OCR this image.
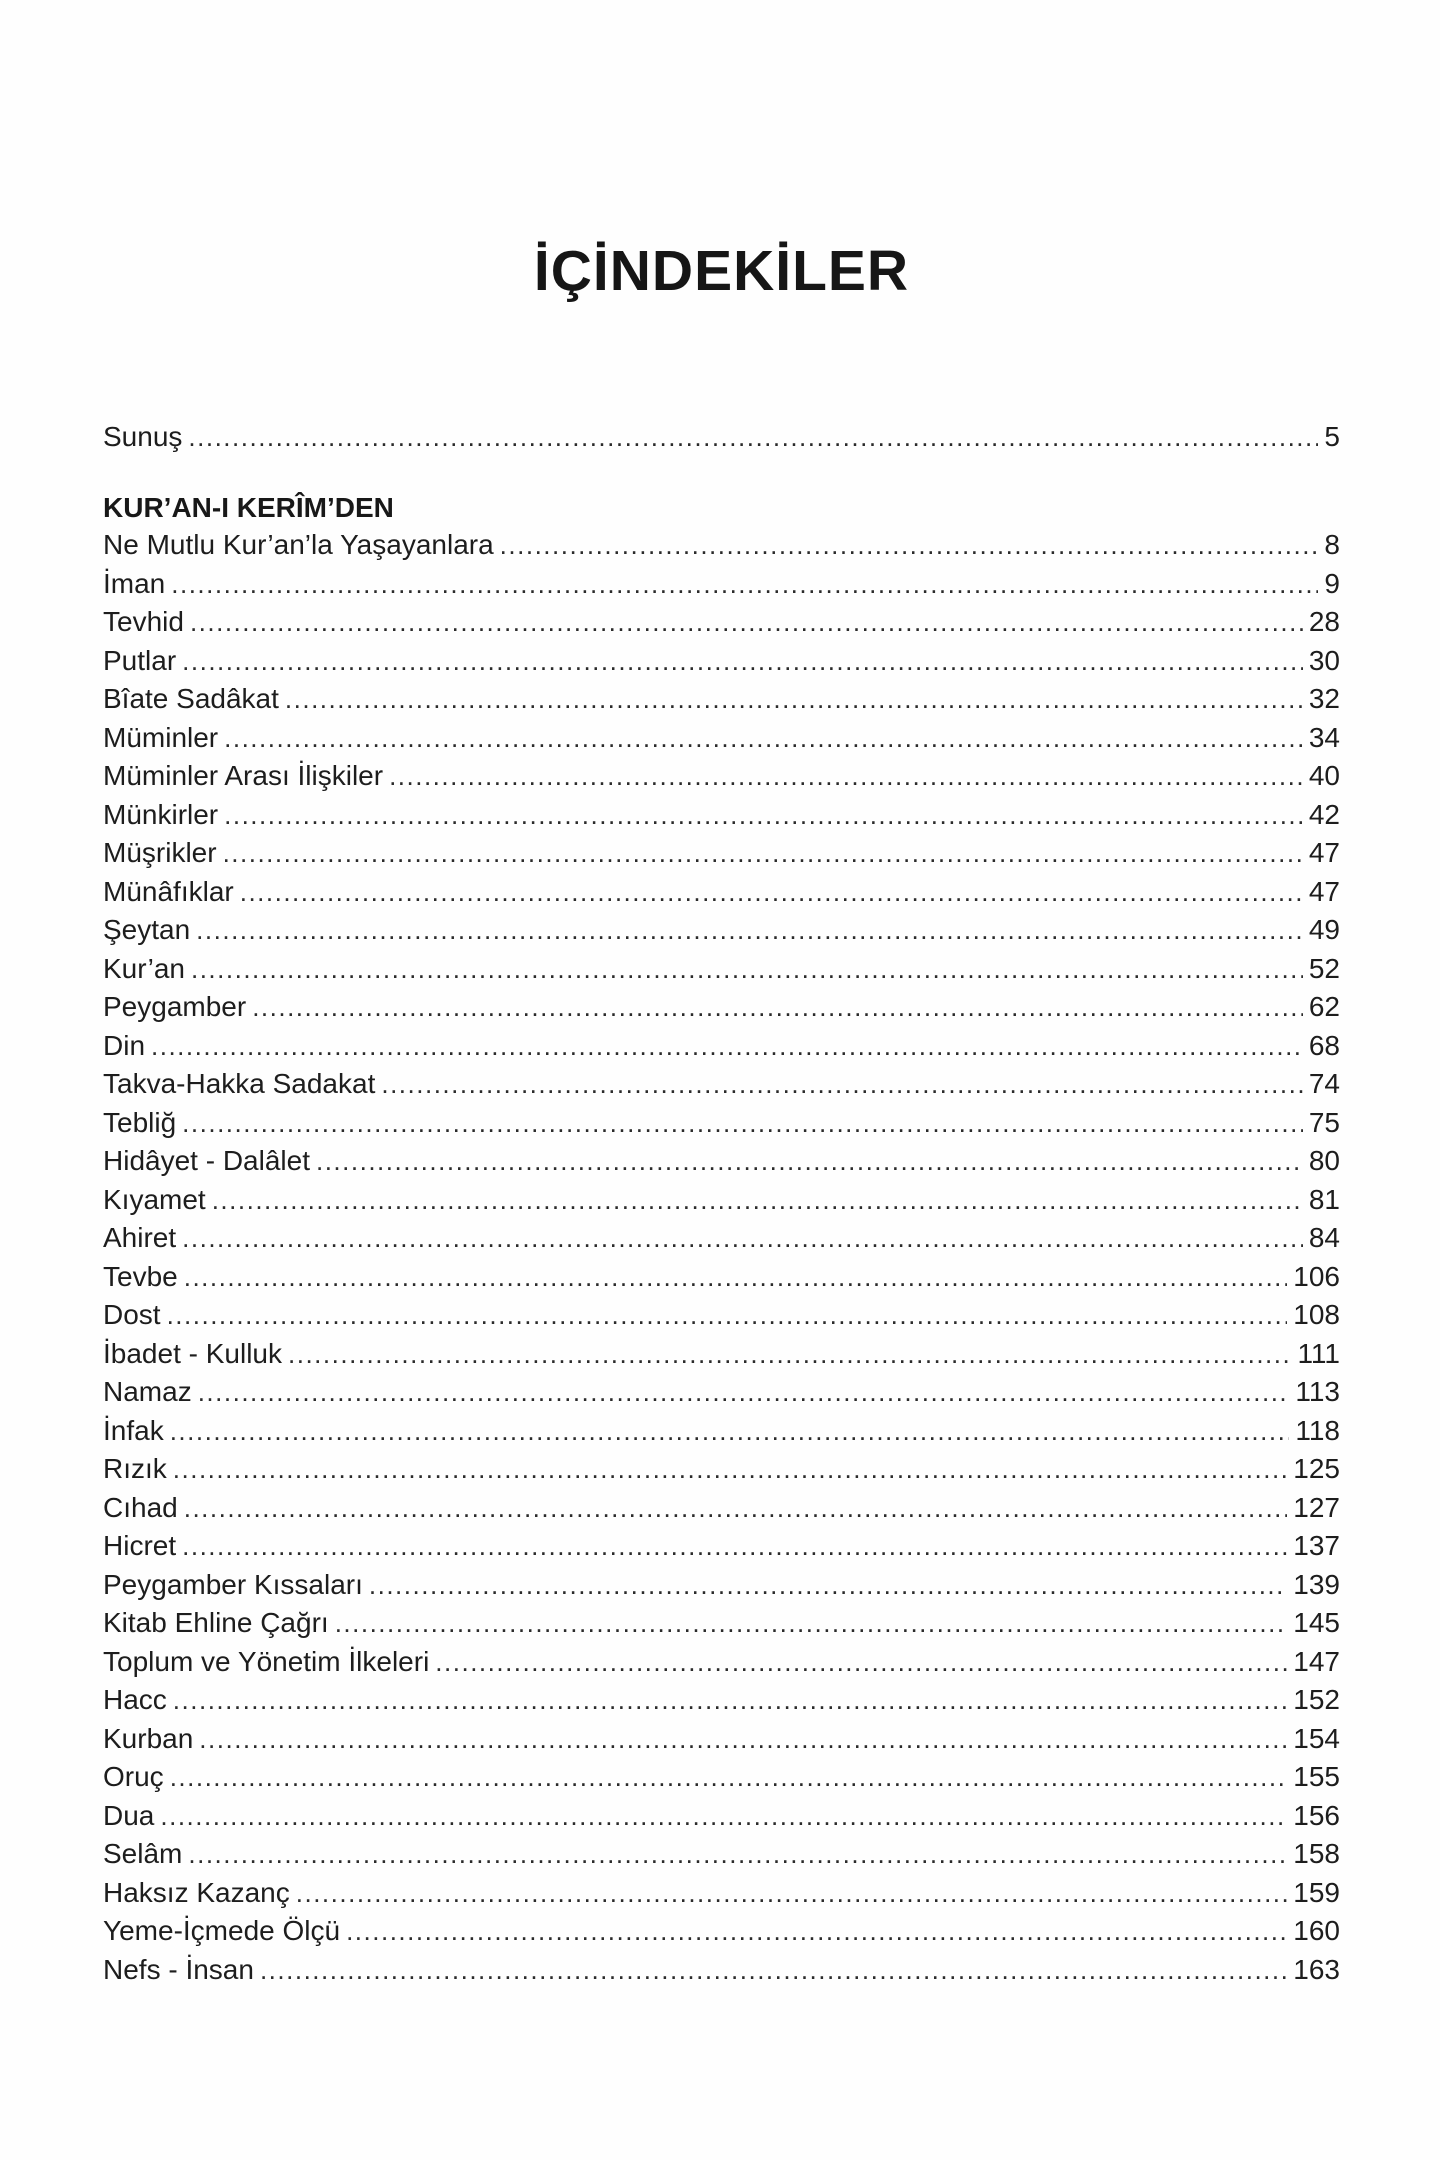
İÇİNDEKİLER
Sunuş .....	5
KUR’AN-I KERÎM’DEN
Ne Mutlu Kur’an’la Yaşayanlara .....	8
İman .....	9
Tevhid .....	28
Putlar .....	30
Bîate Sadâkat .....	32
Müminler .....	34
Müminler Arası İlişkiler .....	40
Münkirler .....	42
Müşrikler .....	47
Münâfıklar .....	47
Şeytan .....	49
Kur’an .....	52
Peygamber .....	62
Din .....	68
Takva-Hakka Sadakat .....	74
Tebliğ .....	75
Hidâyet - Dalâlet .....	80
Kıyamet .....	81
Ahiret .....	84
Tevbe .....	106
Dost .....	108
İbadet - Kulluk .....	111
Namaz .....	113
İnfak .....	118
Rızık .....	125
Cıhad .....	127
Hicret .....	137
Peygamber Kıssaları .....	139
Kitab Ehline Çağrı .....	145
Toplum ve Yönetim İlkeleri .....	147
Hacc .....	152
Kurban .....	154
Oruç .....	155
Dua .....	156
Selâm .....	158
Haksız Kazanç .....	159
Yeme-İçmede Ölçü .....	160
Nefs - İnsan .....	163
